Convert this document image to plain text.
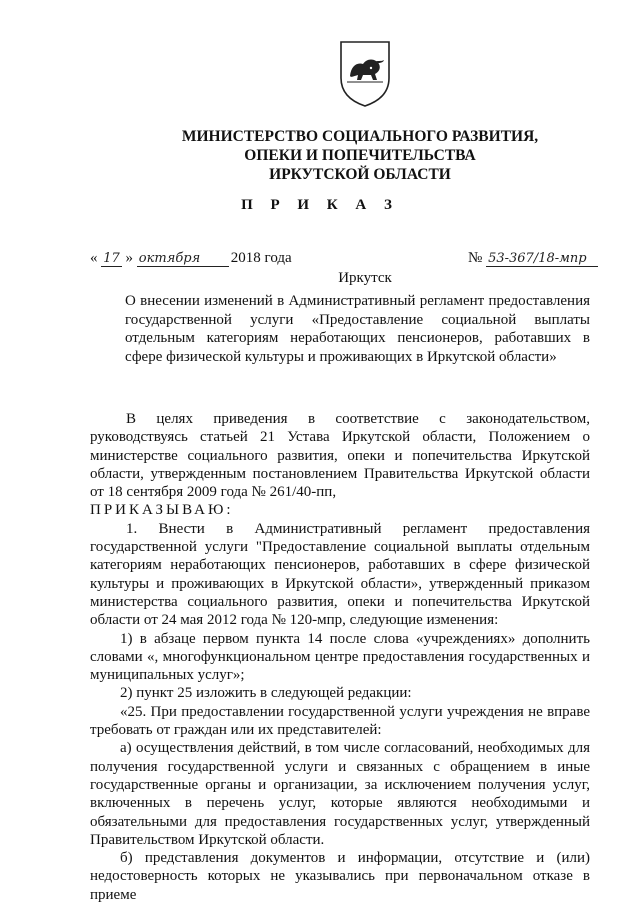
МИНИСТЕРСТВО СОЦИАЛЬНОГО РАЗВИТИЯ,
ОПЕКИ И ПОПЕЧИТЕЛЬСТВА
ИРКУТСКОЙ ОБЛАСТИ
П Р И К А З
« 17 » октября 2018 года	№ 53-367/18-мпр
Иркутск
О внесении изменений в Административный регламент предоставления государственной услуги «Предоставление социальной выплаты отдельным категориям неработающих пенсионеров, работавших в сфере физической культуры и проживающих в Иркутской области»

В целях приведения в соответствие с законодательством, руководствуясь статьей 21 Устава Иркутской области, Положением о министерстве социального развития, опеки и попечительства Иркутской области, утвержденным постановлением Правительства Иркутской области от 18 сентября 2009 года № 261/40-пп,

ПРИКАЗЫВАЮ:

1. Внести в Административный регламент предоставления государственной услуги "Предоставление социальной выплаты отдельным категориям неработающих пенсионеров, работавших в сфере физической культуры и проживающих в Иркутской области», утвержденный приказом министерства социального развития, опеки и попечительства Иркутской области от 24 мая 2012 года № 120-мпр, следующие изменения:

1) в абзаце первом пункта 14 после слова «учреждениях» дополнить словами «, многофункциональном центре предоставления государственных и муниципальных услуг»;

2) пункт 25 изложить в следующей редакции:

«25. При предоставлении государственной услуги учреждения не вправе требовать от граждан или их представителей:

а) осуществления действий, в том числе согласований, необходимых для получения государственной услуги и связанных с обращением в иные государственные органы и организации, за исключением получения услуг, включенных в перечень услуг, которые являются необходимыми и обязательными для предоставления государственных услуг, утвержденный Правительством Иркутской области.

б) представления документов и информации, отсутствие и (или) недостоверность которых не указывались при первоначальном отказе в приеме
